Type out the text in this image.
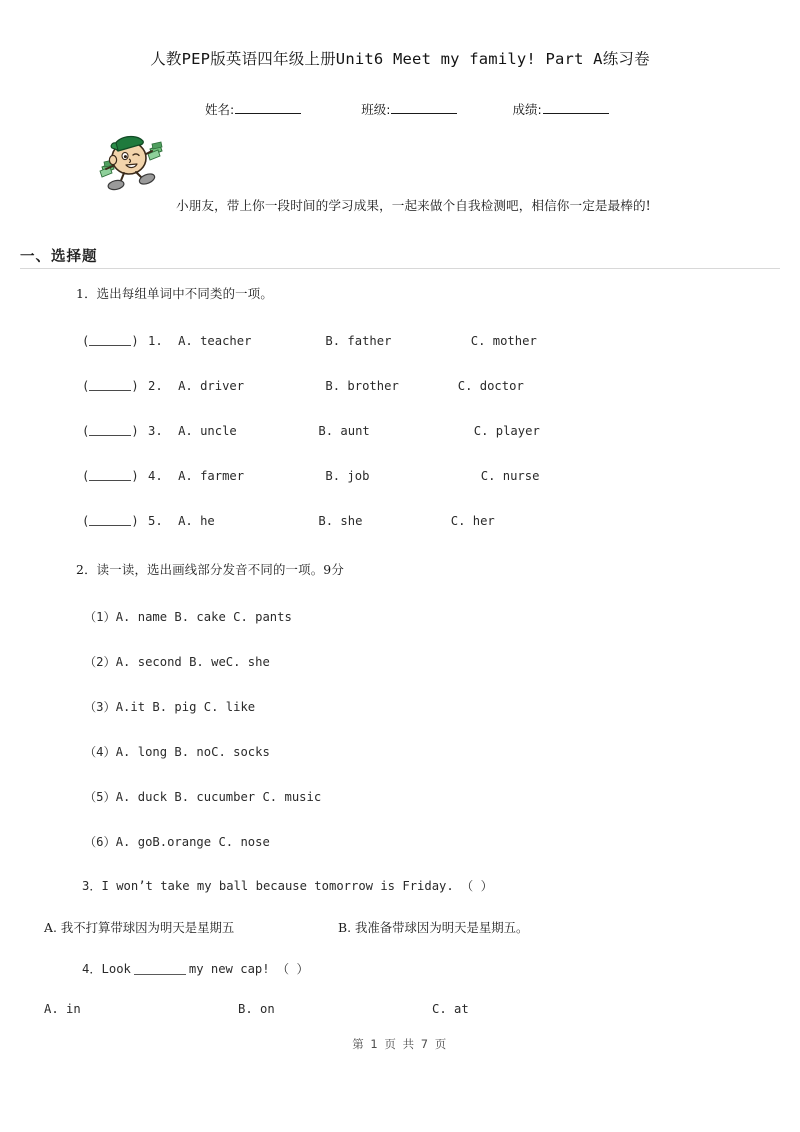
人教PEP版英语四年级上册Unit6 Meet my family! Part A练习卷
姓名:	班级:	成绩:
小朋友，带上你一段时间的学习成果，一起来做个自我检测吧，相信你一定是最棒的!
一、选择题
1．选出每组单词中不同类的一项。
(	) 1. A. teacher	B. father	C. mother
(	) 2. A. driver	B. brother	C. doctor
(	) 3. A. uncle	B. aunt	C. player
(	) 4. A. farmer	B. job	C. nurse
(	) 5. A. he	B. she	C. her
2．读一读，选出画线部分发音不同的一项。9分
（1）A. name B. cake C. pants
（2）A. second B. weC. she
（3）A.it B. pig C. like
（4）A. long B. noC. socks
（5）A. duck B. cucumber C. music
（6）A. goB.orange C. nose
3．I won’t take my ball because tomorrow is Friday. （ ）
A. 我不打算带球因为明天是星期五	B. 我准备带球因为明天是星期五。
4．Look	my new cap! （ ）
A. in	B. on	C. at
第 1 页 共 7 页
